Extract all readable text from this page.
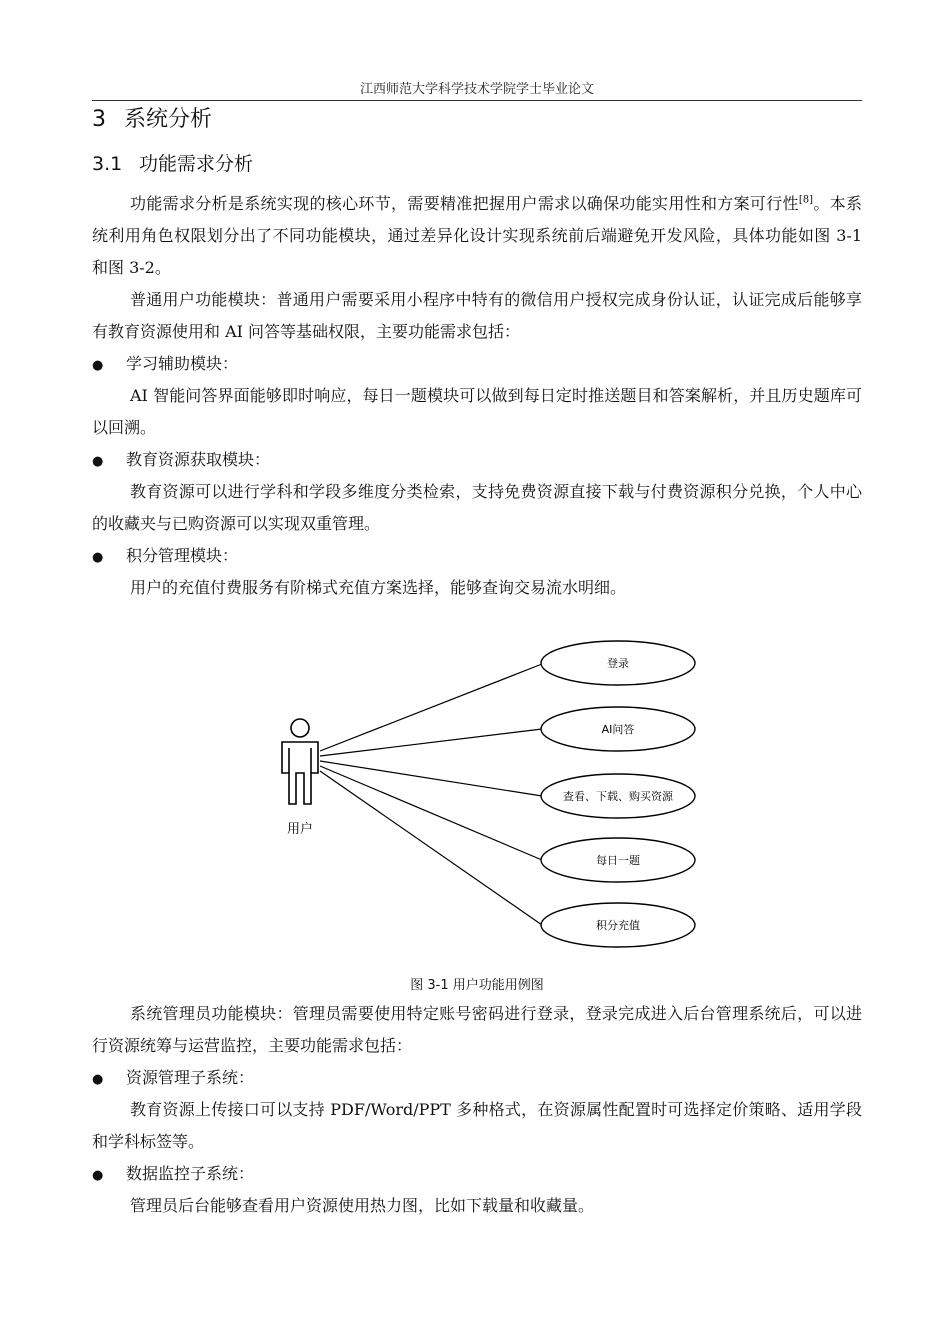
江西师范大学科学技术学院学士毕业论文
3 系统分析
3.1 功能需求分析
功能需求分析是系统实现的核心环节，需要精准把握用户需求以确保功能实用性和方案可行性[8]。本系统利用角色权限划分出了不同功能模块，通过差异化设计实现系统前后端避免开发风险，具体功能如图 3-1 和图 3-2。
普通用户功能模块：普通用户需要采用小程序中特有的微信用户授权完成身份认证，认证完成后能够享有教育资源使用和 AI 问答等基础权限，主要功能需求包括：
● 学习辅助模块：
AI 智能问答界面能够即时响应，每日一题模块可以做到每日定时推送题目和答案解析，并且历史题库可以回溯。
● 教育资源获取模块：
教育资源可以进行学科和学段多维度分类检索，支持免费资源直接下载与付费资源积分兑换，个人中心的收藏夹与已购资源可以实现双重管理。
● 积分管理模块：
用户的充值付费服务有阶梯式充值方案选择，能够查询交易流水明细。
用户
登录
AI问答
查看、下载、购买资源
每日一题
积分充值
图 3-1 用户功能用例图
系统管理员功能模块：管理员需要使用特定账号密码进行登录，登录完成进入后台管理系统后，可以进行资源统筹与运营监控，主要功能需求包括：
● 资源管理子系统：
教育资源上传接口可以支持 PDF/Word/PPT 多种格式，在资源属性配置时可选择定价策略、适用学段和学科标签等。
● 数据监控子系统：
管理员后台能够查看用户资源使用热力图，比如下载量和收藏量。
